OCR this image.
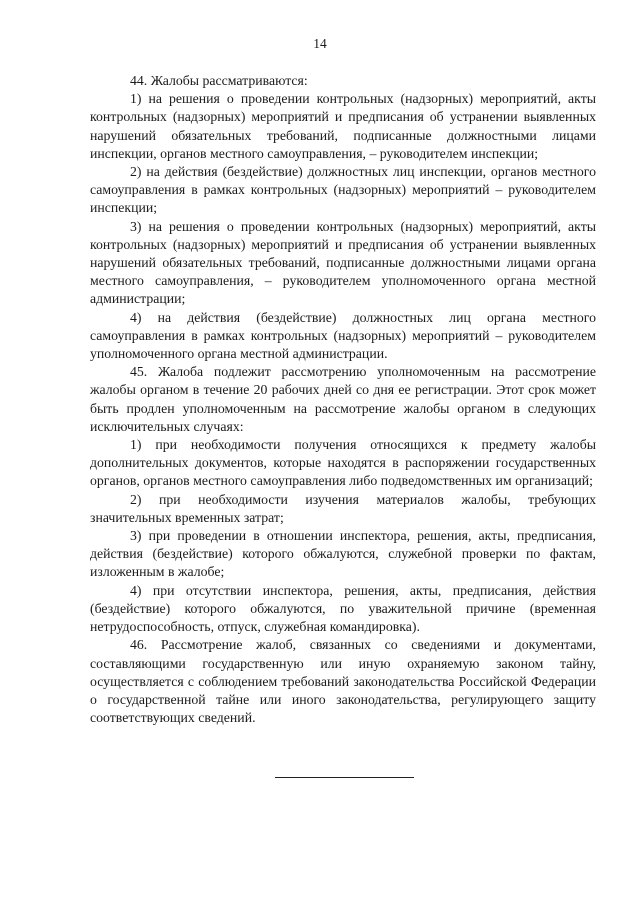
14

44. Жалобы рассматриваются:

1) на решения о проведении контрольных (надзорных) мероприятий, акты контрольных (надзорных) мероприятий и предписания об устранении выявленных нарушений обязательных требований, подписанные должностными лицами инспекции, органов местного самоуправления, – руководителем инспекции;

2) на действия (бездействие) должностных лиц инспекции, органов местного самоуправления в рамках контрольных (надзорных) мероприятий – руководителем инспекции;

3) на решения о проведении контрольных (надзорных) мероприятий, акты контрольных (надзорных) мероприятий и предписания об устранении выявленных нарушений обязательных требований, подписанные должностными лицами органа местного самоуправления, – руководителем уполномоченного органа местной администрации;

4) на действия (бездействие) должностных лиц органа местного самоуправления в рамках контрольных (надзорных) мероприятий – руководителем уполномоченного органа местной администрации.

45. Жалоба подлежит рассмотрению уполномоченным на рассмотрение жалобы органом в течение 20 рабочих дней со дня ее регистрации. Этот срок может быть продлен уполномоченным на рассмотрение жалобы органом в следующих исключительных случаях:

1) при необходимости получения относящихся к предмету жалобы дополнительных документов, которые находятся в распоряжении государственных органов, органов местного самоуправления либо подведомственных им организаций;

2) при необходимости изучения материалов жалобы, требующих значительных временных затрат;

3) при проведении в отношении инспектора, решения, акты, предписания, действия (бездействие) которого обжалуются, служебной проверки по фактам, изложенным в жалобе;

4) при отсутствии инспектора, решения, акты, предписания, действия (бездействие) которого обжалуются, по уважительной причине (временная нетрудоспособность, отпуск, служебная командировка).

46. Рассмотрение жалоб, связанных со сведениями и документами, составляющими государственную или иную охраняемую законом тайну, осуществляется с соблюдением требований законодательства Российской Федерации о государственной тайне или иного законодательства, регулирующего защиту соответствующих сведений.
